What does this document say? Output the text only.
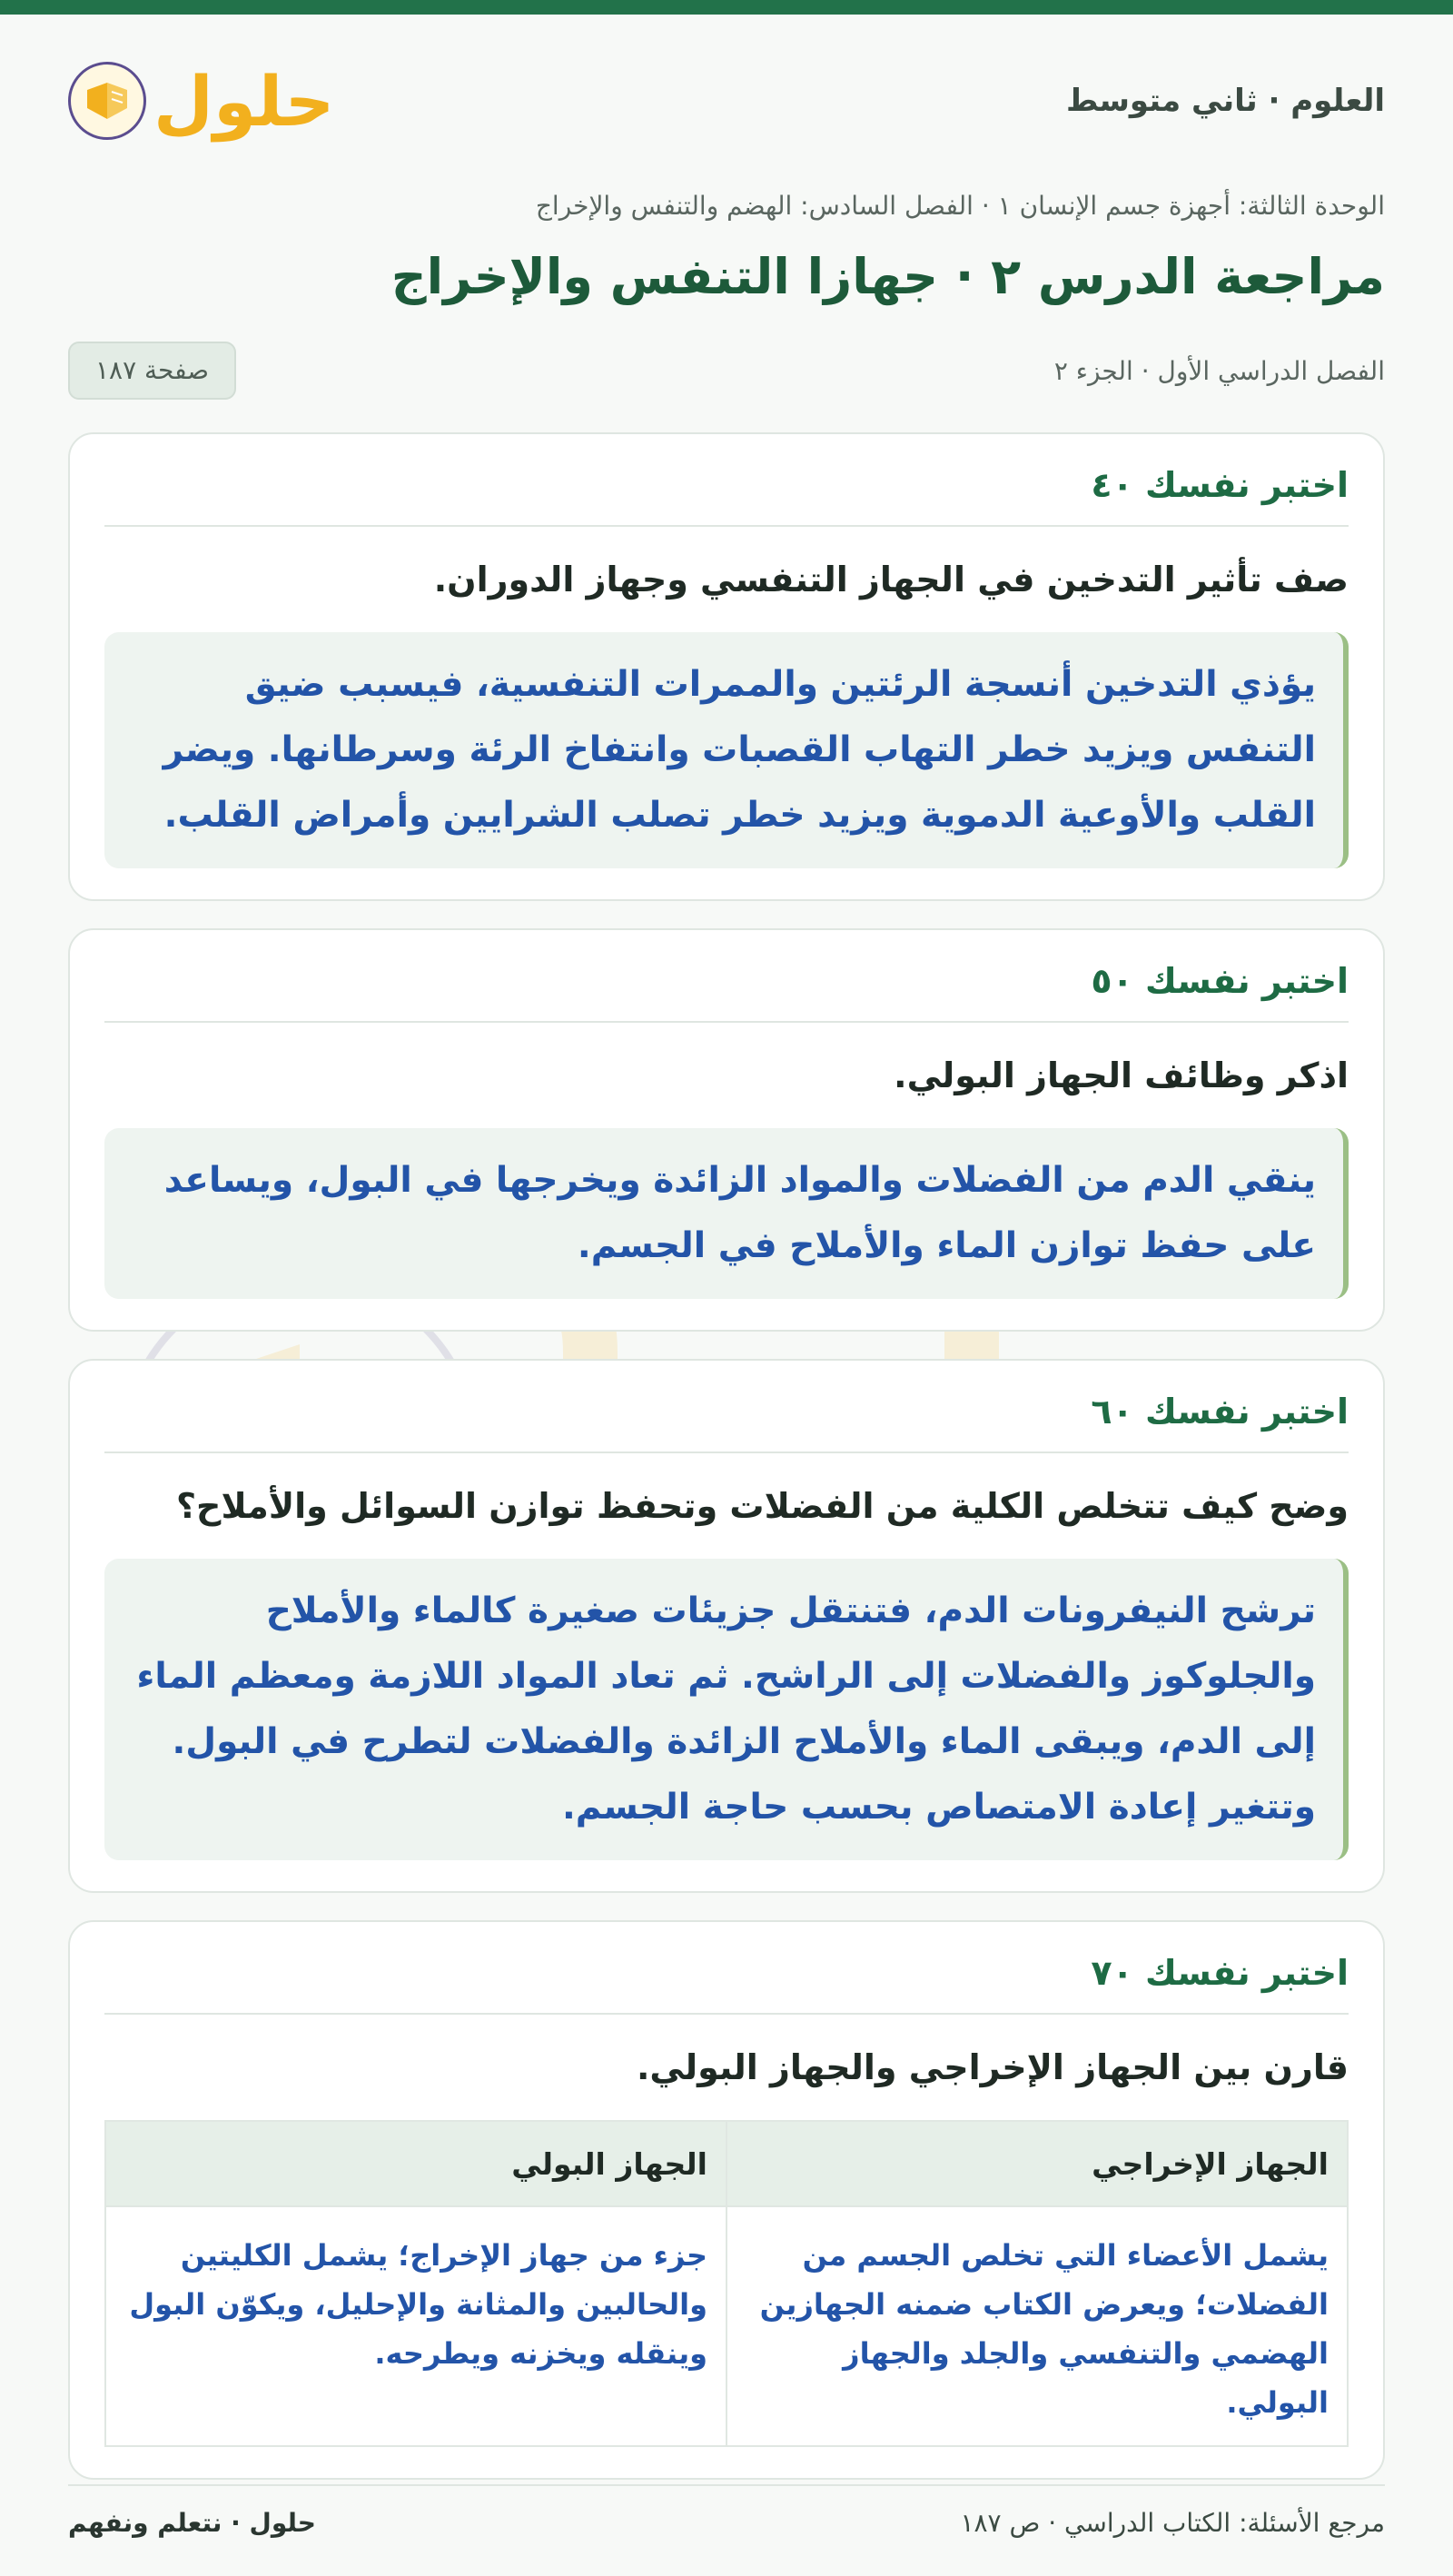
العلوم · ثاني متوسط
حلول
الوحدة الثالثة: أجهزة جسم الإنسان ١ · الفصل السادس: الهضم والتنفس والإخراج
مراجعة الدرس ٢ · جهازا التنفس والإخراج
الفصل الدراسي الأول · الجزء ٢
صفحة ١٨٧
اختبر نفسك ٤٠
صف تأثير التدخين في الجهاز التنفسي وجهاز الدوران.
يؤذي التدخين أنسجة الرئتين والممرات التنفسية، فيسبب ضيق التنفس ويزيد خطر التهاب القصبات وانتفاخ الرئة وسرطانها. ويضر القلب والأوعية الدموية ويزيد خطر تصلب الشرايين وأمراض القلب.
اختبر نفسك ٥٠
اذكر وظائف الجهاز البولي.
ينقي الدم من الفضلات والمواد الزائدة ويخرجها في البول، ويساعد على حفظ توازن الماء والأملاح في الجسم.
اختبر نفسك ٦٠
وضح كيف تتخلص الكلية من الفضلات وتحفظ توازن السوائل والأملاح؟
ترشح النيفرونات الدم، فتنتقل جزيئات صغيرة كالماء والأملاح والجلوكوز والفضلات إلى الراشح. ثم تعاد المواد اللازمة ومعظم الماء إلى الدم، ويبقى الماء والأملاح الزائدة والفضلات لتطرح في البول. وتتغير إعادة الامتصاص بحسب حاجة الجسم.
اختبر نفسك ٧٠
قارن بين الجهاز الإخراجي والجهاز البولي.
الجهاز الإخراجي	الجهاز البولي
يشمل الأعضاء التي تخلص الجسم من الفضلات؛ ويعرض الكتاب ضمنه الجهازين الهضمي والتنفسي والجلد والجهاز البولي.	جزء من جهاز الإخراج؛ يشمل الكليتين والحالبين والمثانة والإحليل، ويكوّن البول وينقله ويخزنه ويطرحه.
مرجع الأسئلة: الكتاب الدراسي · ص ١٨٧
حلول · نتعلم ونفهم
